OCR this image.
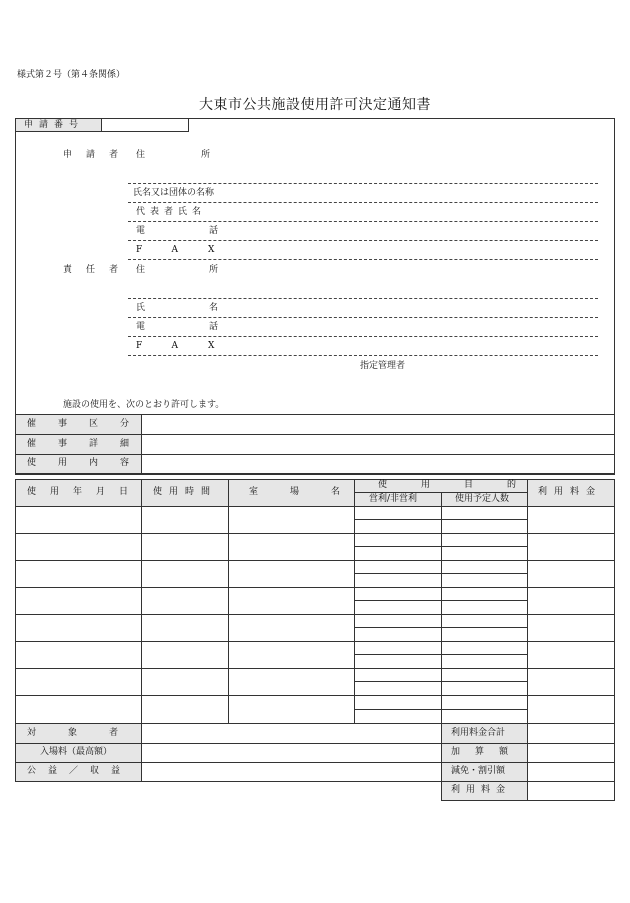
様式第２号（第４条関係）
大東市公共施設使用許可決定通知書
申請番号
申請者 住所
氏名又は団体の名称
代表者氏名
電話
FAX
責任者 住所
氏名
電話
FAX
指定管理者
施設の使用を、次のとおり許可します。
催事区分
催事詳細
使用内容
使用年月日 使用時間	室場名
使用目的
営利/非営利	使用予定人数
利用料金
対象者
入場料（最高額）
公益／収益
利用料金合計
加算額
減免・割引額
利用料金
